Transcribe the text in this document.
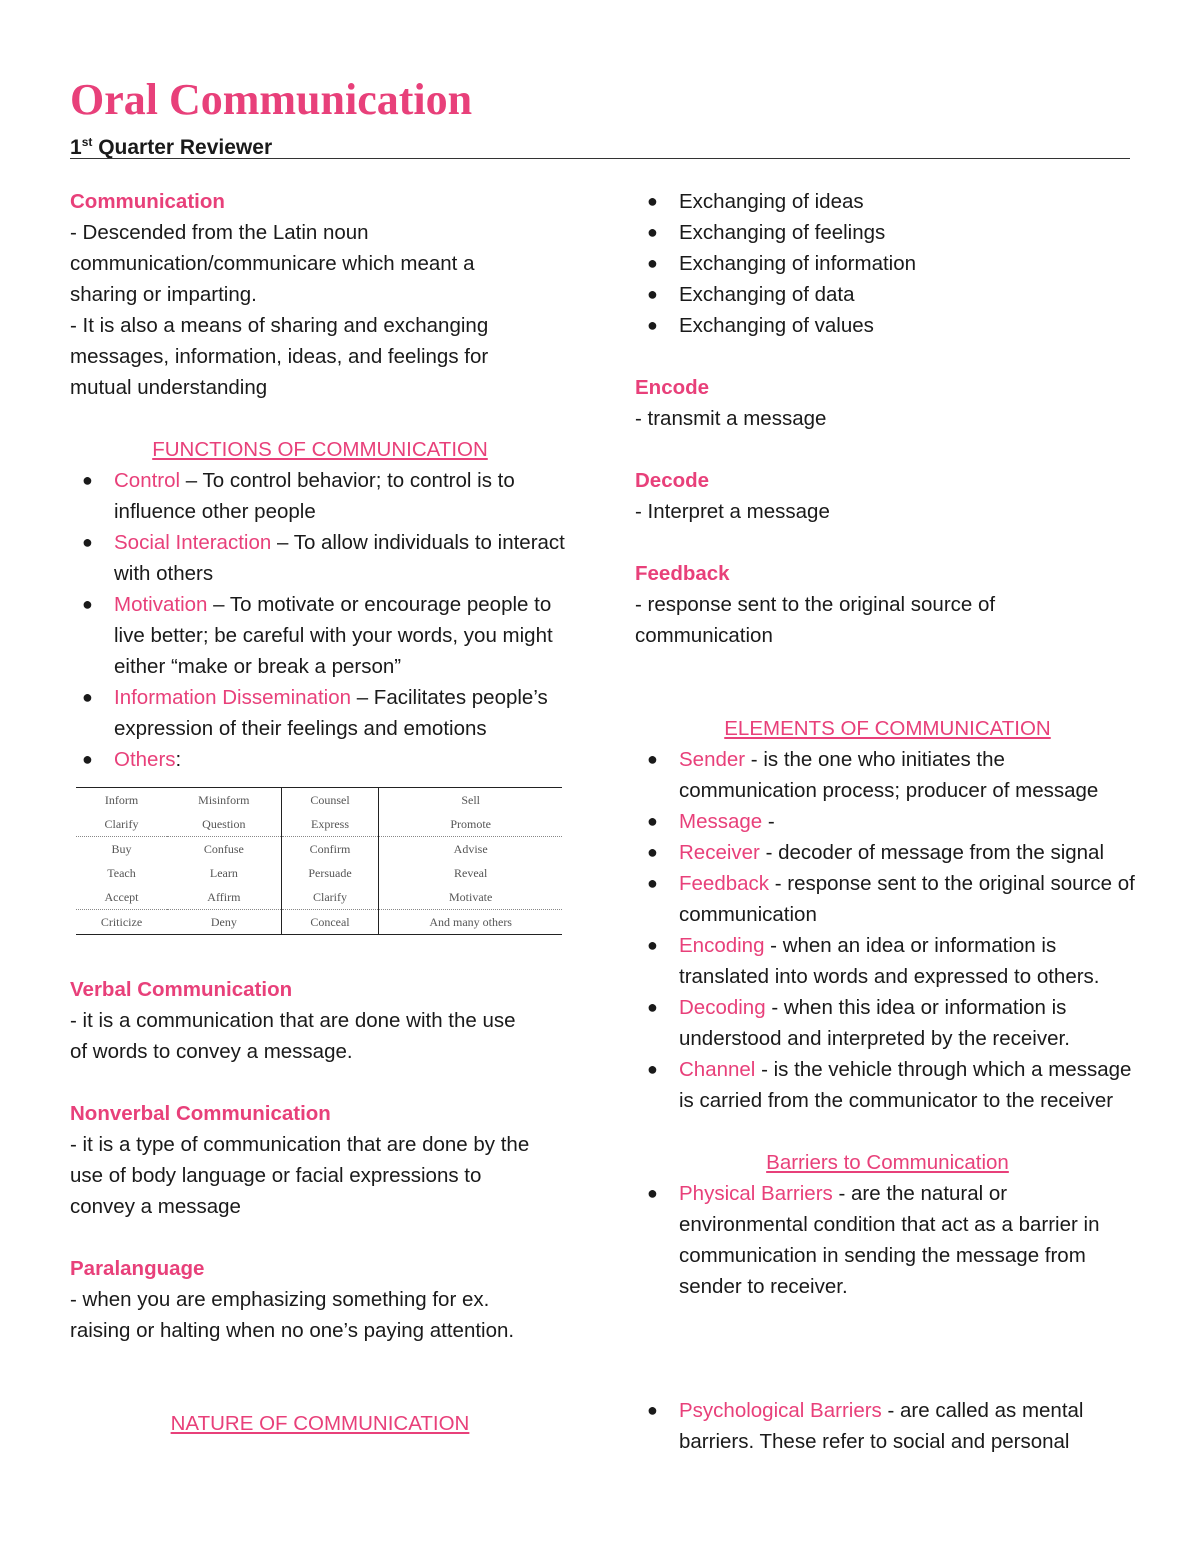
Oral Communication

1st Quarter Reviewer

Communication

- Descended from the Latin noun

communication/communicare which meant a

sharing or imparting.

- It is also a means of sharing and exchanging

messages, information, ideas, and feelings for

mutual understanding

FUNCTIONS OF COMMUNICATION

● Control – To control behavior; to control is to influence other people
● Social Interaction – To allow individuals to interact with others
● Motivation – To motivate or encourage people to live better; be careful with your words, you might either “make or break a person”
● Information Dissemination – Facilitates people’s expression of their feelings and emotions
● Others:
Inform	Misinform	Counsel	Sell
Clarify	Question	Express	Promote
Buy	Confuse	Confirm	Advise
Teach	Learn	Persuade	Reveal
Accept	Affirm	Clarify	Motivate
Criticize	Deny	Conceal	And many others

Verbal Communication

- it is a communication that are done with the use

of words to convey a message.

Nonverbal Communication

- it is a type of communication that are done by the

use of body language or facial expressions to

convey a message

Paralanguage

- when you are emphasizing something for ex.

raising or halting when no one’s paying attention.

NATURE OF COMMUNICATION

● Exchanging of ideas
● Exchanging of feelings
● Exchanging of information
● Exchanging of data
● Exchanging of values

Encode

- transmit a message

Decode

- Interpret a message

Feedback

- response sent to the original source of

communication

ELEMENTS OF COMMUNICATION

● Sender - is the one who initiates the communication process; producer of message
● Message -
● Receiver - decoder of message from the signal
● Feedback - response sent to the original source of communication
● Encoding - when an idea or information is translated into words and expressed to others.
● Decoding - when this idea or information is understood and interpreted by the receiver.
● Channel - is the vehicle through which a message is carried from the communicator to the receiver

Barriers to Communication

● Physical Barriers - are the natural or environmental condition that act as a barrier in communication in sending the message from sender to receiver.
● Psychological Barriers - are called as mental barriers. These refer to social and personal
